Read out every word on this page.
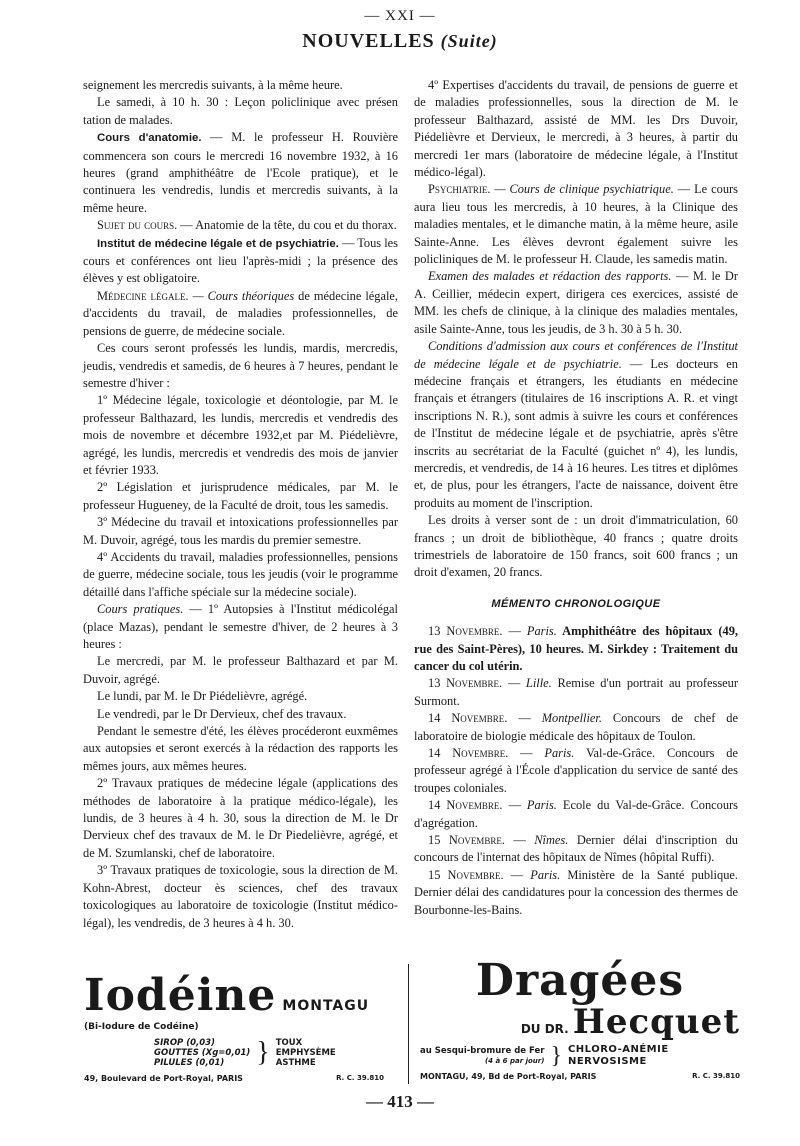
— XXI —
NOUVELLES (Suite)

seignement les mercredis suivants, à la même heure.

Le samedi, à 10 h. 30 : Leçon policlinique avec présen tation de malades.

Cours d'anatomie. — M. le professeur H. Rouvière commencera son cours le mercredi 16 novembre 1932, à 16 heures (grand amphithéâtre de l'Ecole pratique), et le continuera les vendredis, lundis et mercredis suivants, à la même heure.

Sujet du cours. — Anatomie de la tête, du cou et du thorax.

Institut de médecine légale et de psychiatrie. — Tous les cours et conférences ont lieu l'après-midi ; la présence des élèves y est obligatoire.

Médecine légale. — Cours théoriques de médecine légale, d'accidents du travail, de maladies professionnelles, de pensions de guerre, de médecine sociale.

Ces cours seront professés les lundis, mardis, mercredis, jeudis, vendredis et samedis, de 6 heures à 7 heures, pendant le semestre d'hiver :

1º Médecine légale, toxicologie et déontologie, par M. le professeur Balthazard, les lundis, mercredis et vendredis des mois de novembre et décembre 1932,et par M. Piédelièvre, agrégé, les lundis, mercredis et vendredis des mois de janvier et février 1933.

2º Législation et jurisprudence médicales, par M. le professeur Hugueney, de la Faculté de droit, tous les samedis.

3º Médecine du travail et intoxications professionnelles par M. Duvoir, agrégé, tous les mardis du premier semestre.

4º Accidents du travail, maladies professionnelles, pensions de guerre, médecine sociale, tous les jeudis (voir le programme détaillé dans l'affiche spéciale sur la médecine sociale).

Cours pratiques. — 1º Autopsies à l'Institut médicolégal (place Mazas), pendant le semestre d'hiver, de 2 heures à 3 heures :

Le mercredi, par M. le professeur Balthazard et par M. Duvoir, agrégé.

Le lundi, par M. le Dr Piédelièvre, agrégé.

Le vendredi, par le Dr Dervieux, chef des travaux.

Pendant le semestre d'été, les élèves procéderont euxmêmes aux autopsies et seront exercés à la rédaction des rapports les mêmes jours, aux mêmes heures.

2º Travaux pratiques de médecine légale (applications des méthodes de laboratoire à la pratique médico-légale), les lundis, de 3 heures à 4 h. 30, sous la direction de M. le Dr Dervieux chef des travaux de M. le Dr Piedelièvre, agrégé, et de M. Szumlanski, chef de laboratoire.

3º Travaux pratiques de toxicologie, sous la direction de M. Kohn-Abrest, docteur ès sciences, chef des travaux toxicologiques au laboratoire de toxicologie (Institut médico-légal), les vendredis, de 3 heures à 4 h. 30.

4º Expertises d'accidents du travail, de pensions de guerre et de maladies professionnelles, sous la direction de M. le professeur Balthazard, assisté de MM. les Drs Duvoir, Piédelièvre et Dervieux, le mercredi, à 3 heures, à partir du mercredi 1er mars (laboratoire de médecine légale, à l'Institut médico-légal).

Psychiatrie. — Cours de clinique psychiatrique. — Le cours aura lieu tous les mercredis, à 10 heures, à la Clinique des maladies mentales, et le dimanche matin, à la même heure, asile Sainte-Anne. Les élèves devront également suivre les policliniques de M. le professeur H. Claude, les samedis matin.

Examen des malades et rédaction des rapports. — M. le Dr A. Ceillier, médecin expert, dirigera ces exercices, assisté de MM. les chefs de clinique, à la clinique des maladies mentales, asile Sainte-Anne, tous les jeudis, de 3 h. 30 à 5 h. 30.

Conditions d'admission aux cours et conférences de l'Institut de médecine légale et de psychiatrie. — Les docteurs en médecine français et étrangers, les étudiants en médecine français et étrangers (titulaires de 16 inscriptions A. R. et vingt inscriptions N. R.), sont admis à suivre les cours et conférences de l'Institut de médecine légale et de psychiatrie, après s'être inscrits au secrétariat de la Faculté (guichet nº 4), les lundis, mercredis, et vendredis, de 14 à 16 heures. Les titres et diplômes et, de plus, pour les étrangers, l'acte de naissance, doivent être produits au moment de l'inscription.

Les droits à verser sont de : un droit d'immatriculation, 60 francs ; un droit de bibliothèque, 40 francs ; quatre droits trimestriels de laboratoire de 150 francs, soit 600 francs ; un droit d'examen, 20 francs.

MÉMENTO CHRONOLOGIQUE

13 Novembre. — Paris. Amphithéâtre des hôpitaux (49, rue des Saint-Pères), 10 heures. M. Sirkdey : Traitement du cancer du col utérin.

13 Novembre. — Lille. Remise d'un portrait au professeur Surmont.

14 Novembre. — Montpellier. Concours de chef de laboratoire de biologie médicale des hôpitaux de Toulon.

14 Novembre. — Paris. Val-de-Grâce. Concours de professeur agrégé à l'École d'application du service de santé des troupes coloniales.

14 Novembre. — Paris. Ecole du Val-de-Grâce. Concours d'agrégation.

15 Novembre. — Nîmes. Dernier délai d'inscription du concours de l'internat des hôpitaux de Nîmes (hôpital Ruffi).

15 Novembre. — Paris. Ministère de la Santé publique. Dernier délai des candidatures pour la concession des thermes de Bourbonne-les-Bains.

Iodéine MONTAGU
(Bi-Iodure de Codéine)
SIROP (0,03)
GOUTTES (Xg=0,01)
PILULES (0,01)	} TOUX
EMPHYSÈME
ASTHME
49, Boulevard de Port-Royal, PARIS	R. C. 39.810
Dragées
DU DR. Hecquet
au Sesqui-bromure de Fer
(4 à 6 par jour) } CHLORO-ANÉMIE
NERVOSISME
MONTAGU, 49, Bd de Port-Royal, PARIS	R. C. 39.810
— 413 —
